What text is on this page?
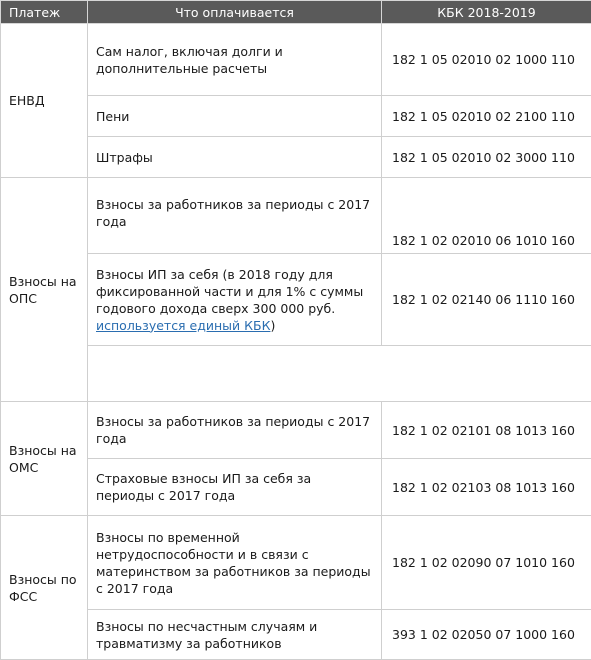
Платеж	Что оплачивается	КБК 2018-2019
ЕНВД	Сам налог, включая долги и дополнительные расчеты	182 1 05 02010 02 1000 110
	Пени	182 1 05 02010 02 2100 110
	Штрафы	182 1 05 02010 02 3000 110
Взносы на ОПС	Взносы за работников за периоды с 2017 года	182 1 02 02010 06 1010 160
	Взносы ИП за себя (в 2018 году для фиксированной части и для 1% с суммы годового дохода сверх 300 000 руб. используется единый КБК)	182 1 02 02140 06 1110 160

Взносы на ОМС	Взносы за работников за периоды с 2017 года	182 1 02 02101 08 1013 160
	Страховые взносы ИП за себя за периоды с 2017 года	182 1 02 02103 08 1013 160
Взносы по ФСС	Взносы по временной нетрудоспособности и в связи с материнством за работников за периоды с 2017 года	182 1 02 02090 07 1010 160
	Взносы по несчастным случаям и травматизму за работников	393 1 02 02050 07 1000 160
